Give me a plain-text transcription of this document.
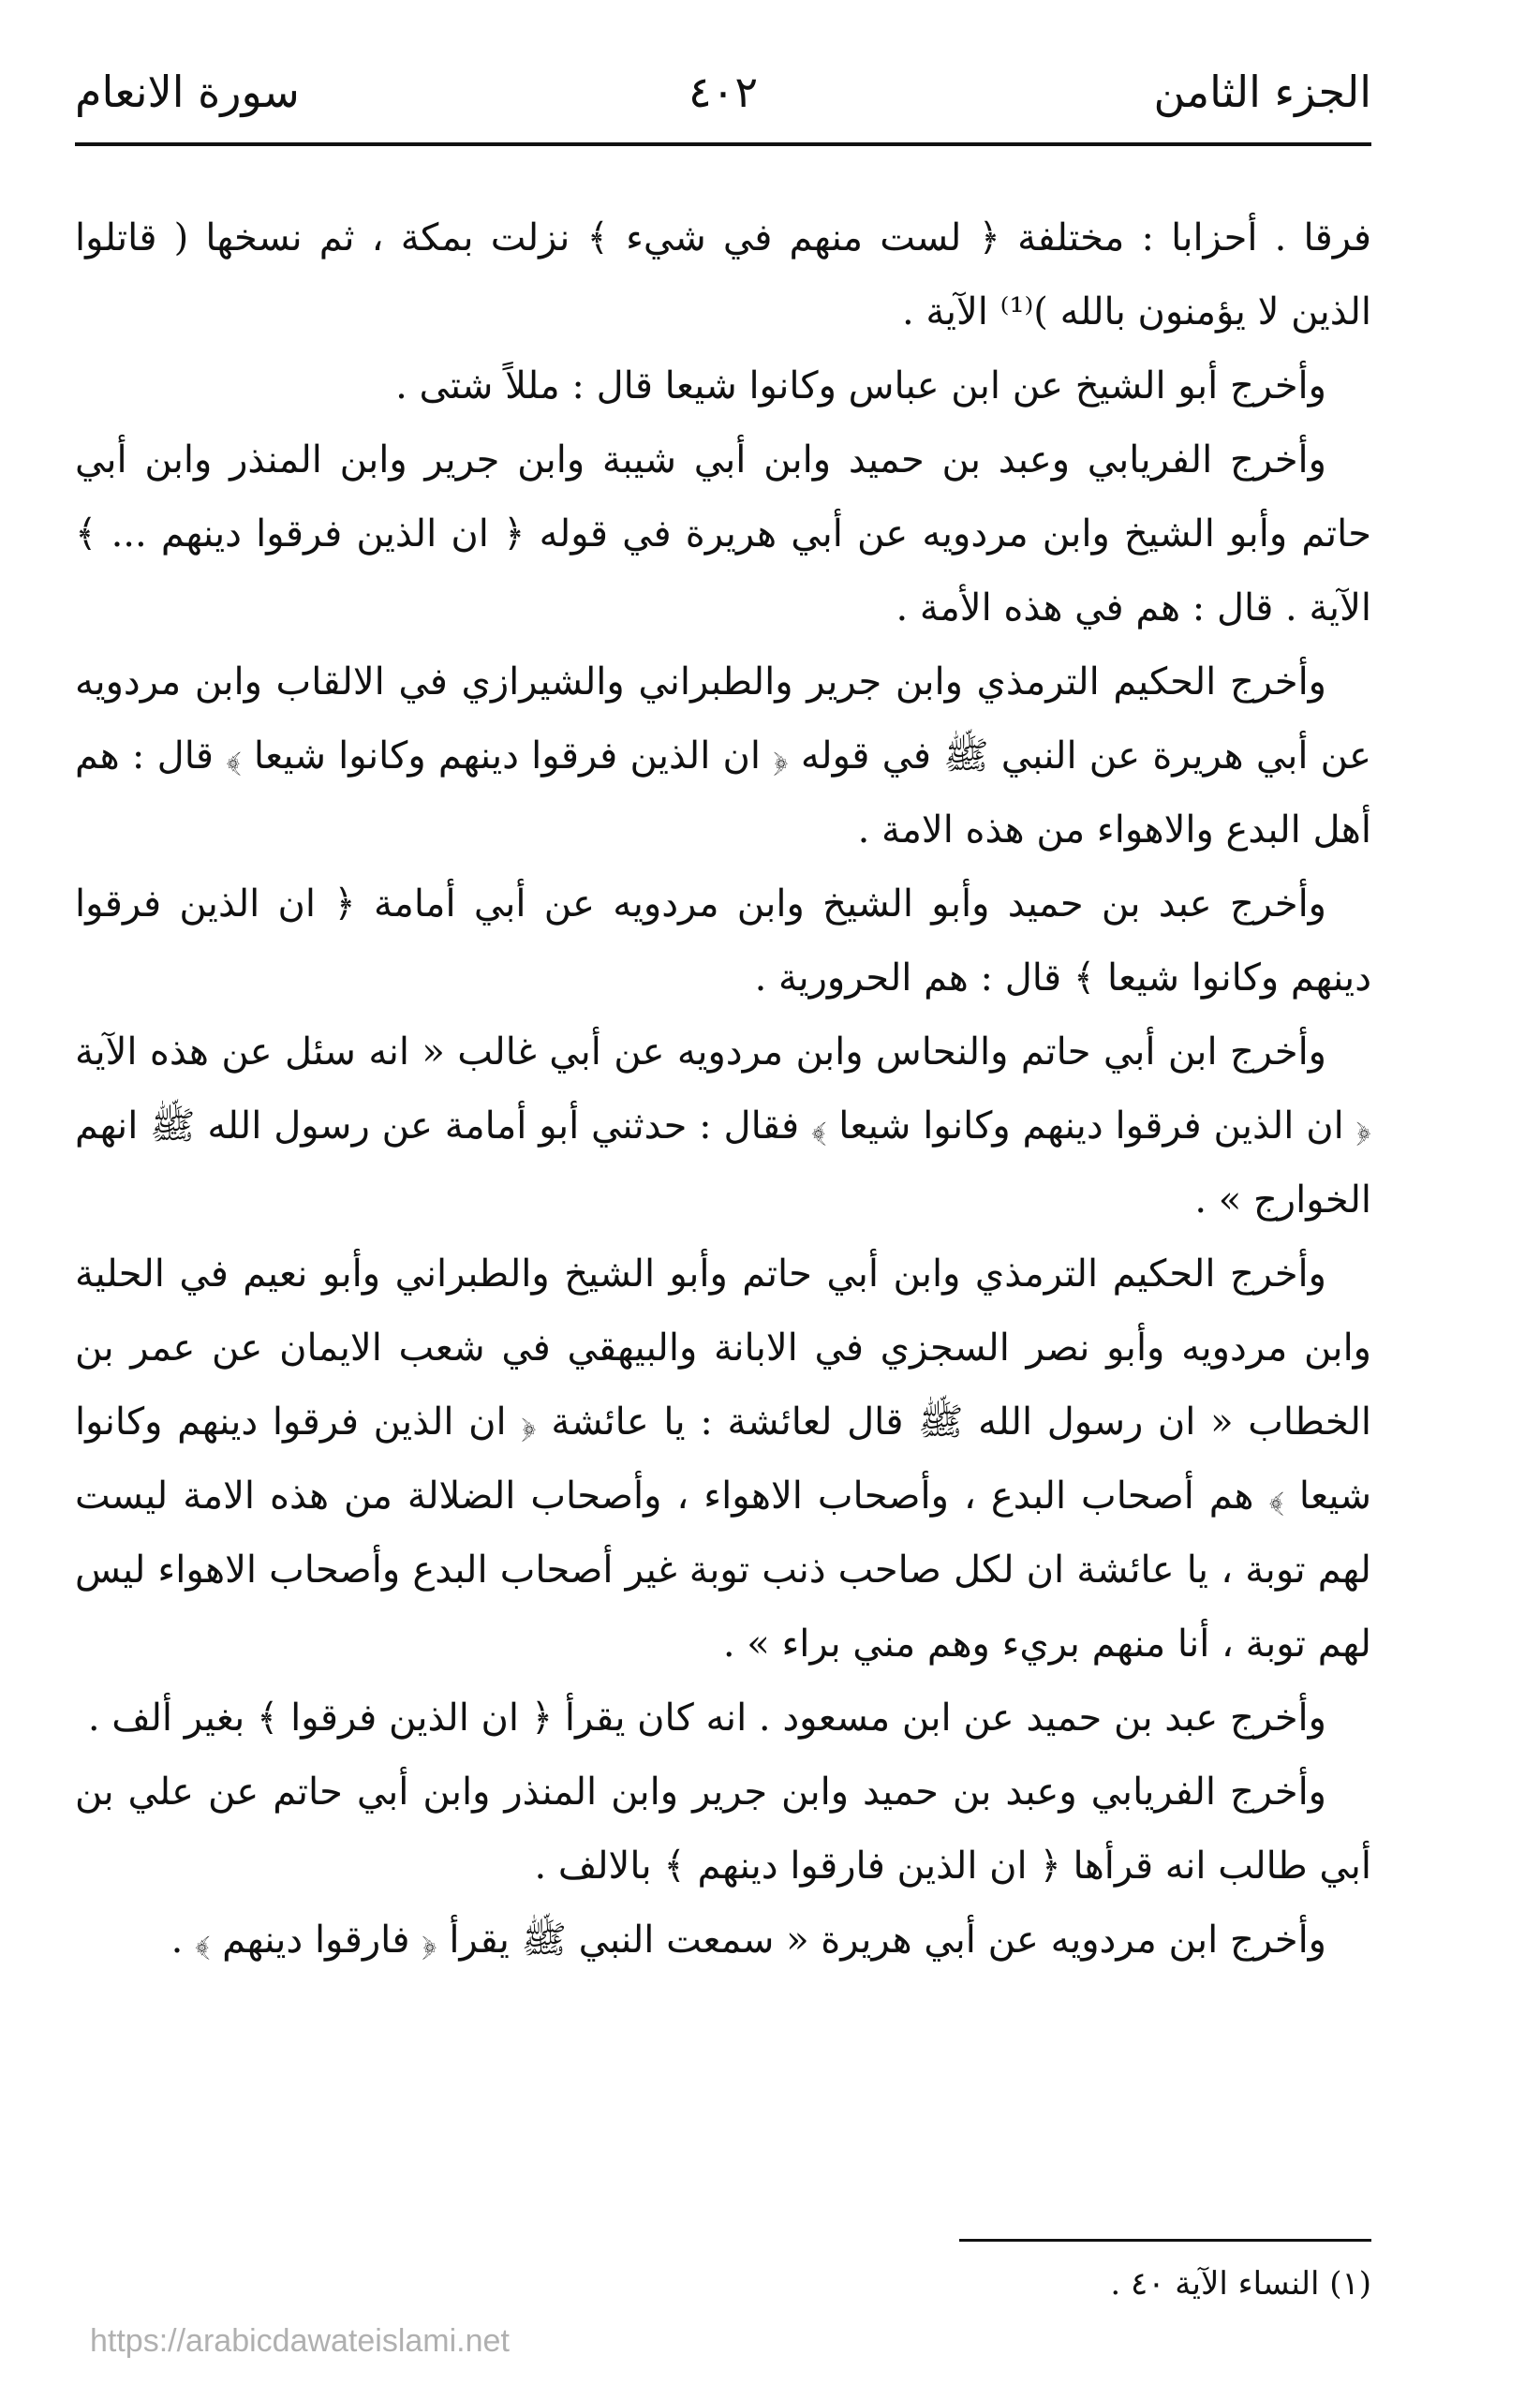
الجزء الثامن
٤٠٢
سورة الانعام

فرقا . أحزابا : مختلفة ﴿ لست منهم في شيء ﴾ نزلت بمكة ، ثم نسخها ( قاتلوا الذين لا يؤمنون بالله )⁽¹⁾ الآية .

وأخرج أبو الشيخ عن ابن عباس وكانوا شيعا قال : مللاً شتى .

وأخرج الفريابي وعبد بن حميد وابن أبي شيبة وابن جرير وابن المنذر وابن أبي حاتم وأبو الشيخ وابن مردويه عن أبي هريرة في قوله ﴿ ان الذين فرقوا دينهم ... ﴾ الآية . قال : هم في هذه الأمة .

وأخرج الحكيم الترمذي وابن جرير والطبراني والشيرازي في الالقاب وابن مردويه عن أبي هريرة عن النبي ﷺ في قوله ﴿ ان الذين فرقوا دينهم وكانوا شيعا ﴾ قال : هم أهل البدع والاهواء من هذه الامة .

وأخرج عبد بن حميد وأبو الشيخ وابن مردويه عن أبي أمامة ﴿ ان الذين فرقوا دينهم وكانوا شيعا ﴾ قال : هم الحرورية .

وأخرج ابن أبي حاتم والنحاس وابن مردويه عن أبي غالب « انه سئل عن هذه الآية ﴿ ان الذين فرقوا دينهم وكانوا شيعا ﴾ فقال : حدثني أبو أمامة عن رسول الله ﷺ انهم الخوارج » .

وأخرج الحكيم الترمذي وابن أبي حاتم وأبو الشيخ والطبراني وأبو نعيم في الحلية وابن مردويه وأبو نصر السجزي في الابانة والبيهقي في شعب الايمان عن عمر بن الخطاب « ان رسول الله ﷺ قال لعائشة : يا عائشة ﴿ ان الذين فرقوا دينهم وكانوا شيعا ﴾ هم أصحاب البدع ، وأصحاب الاهواء ، وأصحاب الضلالة من هذه الامة ليست لهم توبة ، يا عائشة ان لكل صاحب ذنب توبة غير أصحاب البدع وأصحاب الاهواء ليس لهم توبة ، أنا منهم بريء وهم مني براء » .

وأخرج عبد بن حميد عن ابن مسعود . انه كان يقرأ ﴿ ان الذين فرقوا ﴾ بغير ألف .

وأخرج الفريابي وعبد بن حميد وابن جرير وابن المنذر وابن أبي حاتم عن علي بن أبي طالب انه قرأها ﴿ ان الذين فارقوا دينهم ﴾ بالالف .

وأخرج ابن مردويه عن أبي هريرة « سمعت النبي ﷺ يقرأ ﴿ فارقوا دينهم ﴾ .

(١) النساء الآية ٤٠ .
https://arabicdawateislami.net
